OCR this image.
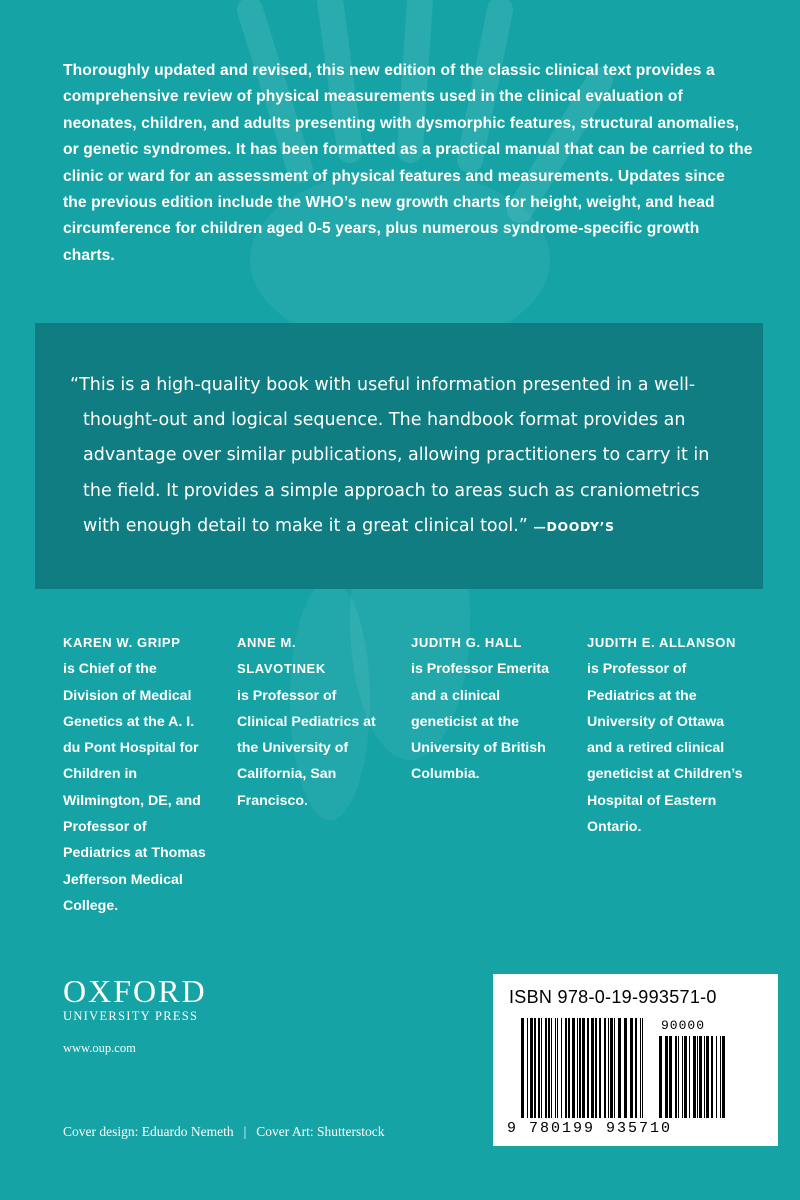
Thoroughly updated and revised, this new edition of the classic clinical text provides a comprehensive review of physical measurements used in the clinical evaluation of neonates, children, and adults presenting with dysmorphic features, structural anomalies, or genetic syndromes. It has been formatted as a practical manual that can be carried to the clinic or ward for an assessment of physical features and measurements. Updates since the previous edition include the WHO’s new growth charts for height, weight, and head circumference for children aged 0-5 years, plus numerous syndrome-specific growth charts.

“This is a high-quality book with useful information presented in a well-thought-out and logical sequence. The handbook format provides an advantage over similar publications, allowing practitioners to carry it in the field. It provides a simple approach to areas such as craniometrics with enough detail to make it a great clinical tool.” —DOODY’S

KAREN W. GRIPP
is Chief of the Division of Medical Genetics at the A. I. du Pont Hospital for Children in Wilmington, DE, and Professor of Pediatrics at Thomas Jefferson Medical College.
ANNE M. SLAVOTINEK
is Professor of Clinical Pediatrics at the University of California, San Francisco.
JUDITH G. HALL
is Professor Emerita and a clinical geneticist at the University of British Columbia.
JUDITH E. ALLANSON
is Professor of Pediatrics at the University of Ottawa and a retired clinical geneticist at Children’s Hospital of Eastern Ontario.
OXFORD
UNIVERSITY PRESS
www.oup.com
Cover design: Eduardo Nemeth | Cover Art: Shutterstock
ISBN 978-0-19-993571-0
90000
9 780199 935710
